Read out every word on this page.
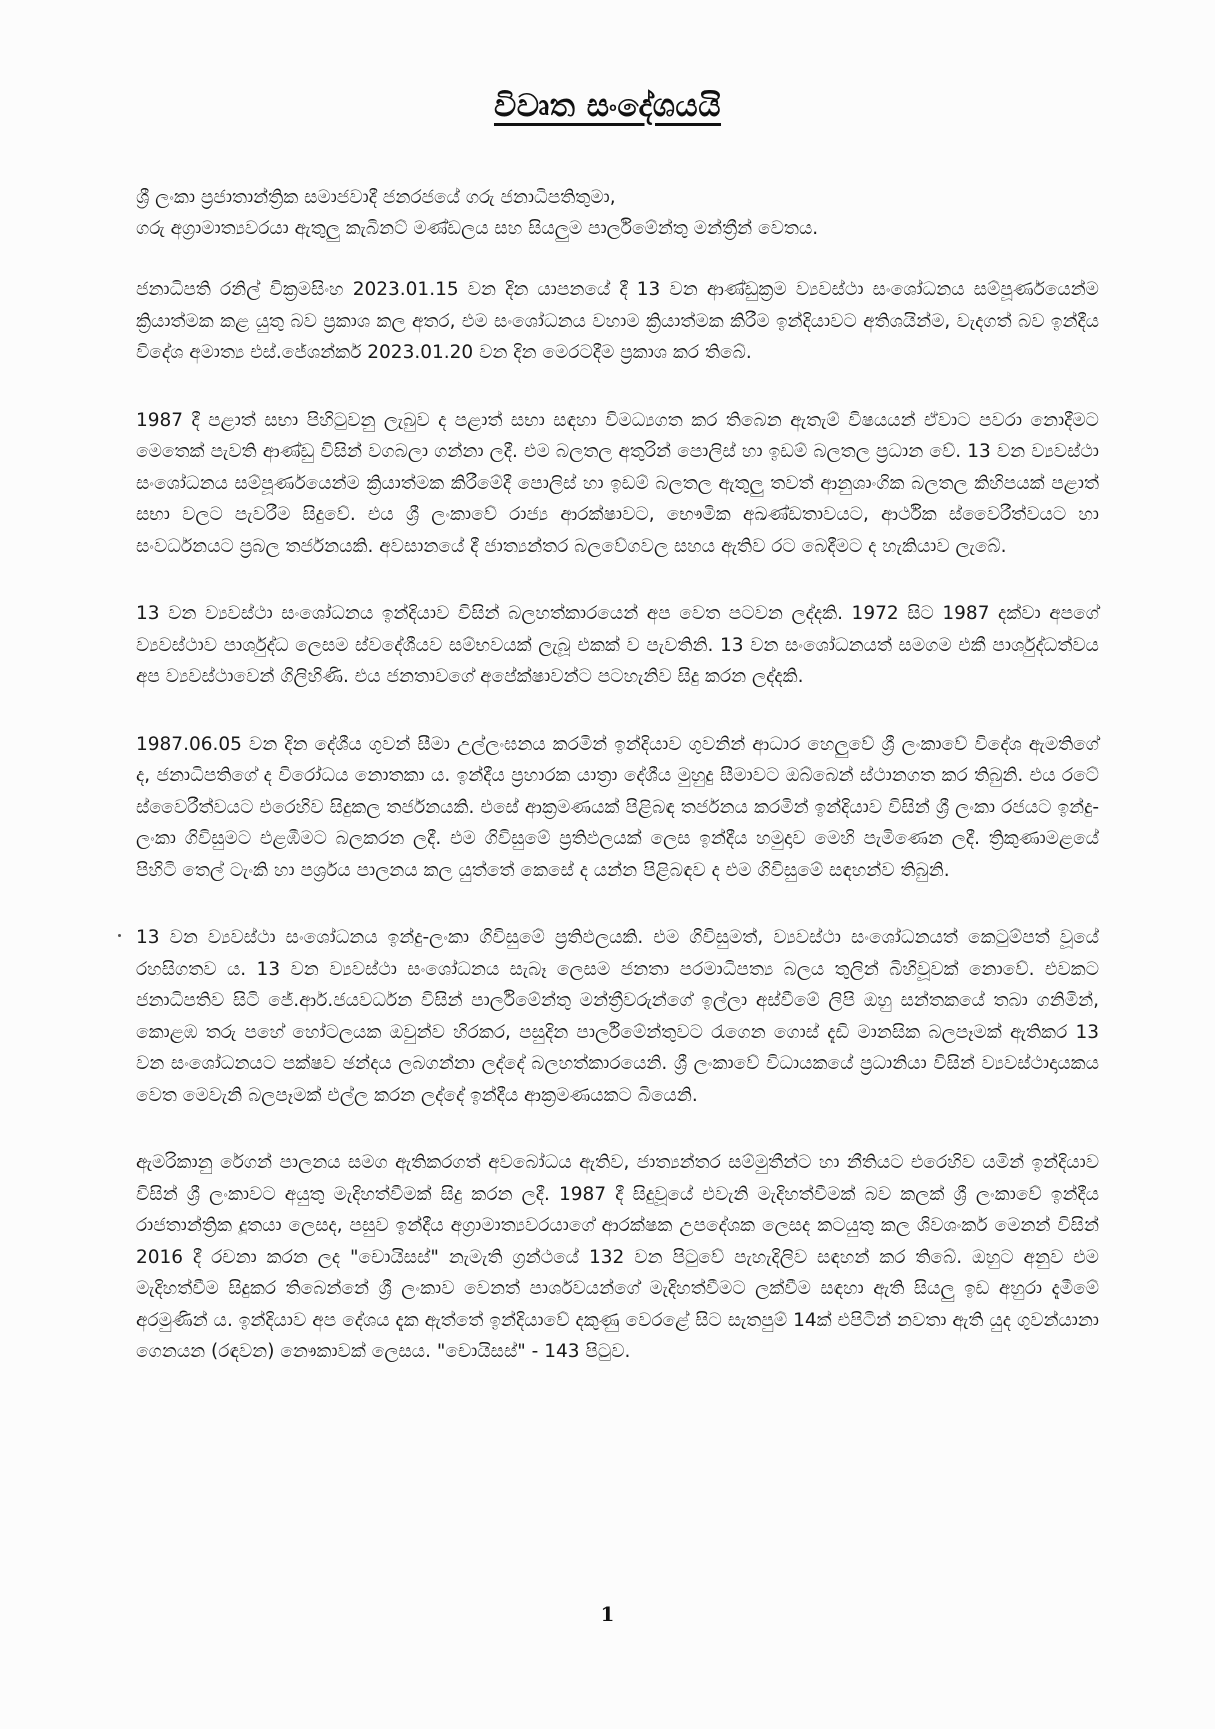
විවෘත සංදේශයයි

ශ්‍රී ලංකා ප්‍රජාතාන්ත්‍රික සමාජවාදී ජනරජයේ ගරු ජනාධිපතිතුමා,

ගරු අග්‍රාමාත්‍යවරයා ඇතුලු කැබිනට් මණ්ඩලය සහ සියලුම පාර්ලිමේන්තු මන්ත්‍රීන් වෙතය.

ජනාධිපති රනිල් වික්‍රමසිංහ 2023.01.15 වන දින යාපනයේ දී 13 වන ආණ්ඩුක්‍රම ව්‍යවස්ථා සංශෝධනය සම්පූර්ණයෙන්ම ක්‍රියාත්මක කළ යුතු බව ප්‍රකාශ කල අතර, එම සංශෝධනය වහාම ක්‍රියාත්මක කිරීම ඉන්දියාවට අතිශයින්ම, වැදගත් බව ඉන්දීය විදේශ අමාත්‍ය එස්.ජේශන්කර් 2023.01.20 වන දින මෙරටදීම ප්‍රකාශ කර තිබේ.

1987 දී පළාත් සභා පිහිටුවනු ලැබුව ද පළාත් සභා සඳහා විමධ්‍යගත කර තිබෙන ඇතැම් විෂයයන් ඒවාට පවරා නොදීමට මෙතෙක් පැවති ආණ්ඩු විසින් වගබලා ගන්නා ලදී. එම බලතල අතුරින් පොලිස් හා ඉඩම් බලතල ප්‍රධාන වේ. 13 වන ව්‍යවස්ථා සංශෝධනය සම්පූර්ණයෙන්ම ක්‍රියාත්මක කිරීමේදී පොලිස් හා ඉඩම් බලතල ඇතුලු තවත් ආනුශාංගික බලතල කිහිපයක් පළාත් සභා වලට පැවරීම සිදුවේ. එය ශ්‍රී ලංකාවේ රාජ්‍ය ආරක්ෂාවට, භෞමික අඛණ්ඩතාවයට, ආර්ථික ස්වෛරීත්වයට හා සංවර්ධනයට ප්‍රබල තර්ජනයකි. අවසානයේ දී ජාත්‍යන්තර බලවේගවල සහය ඇතිව රට බෙදීමට ද හැකියාව ලැබේ.

13 වන ව්‍යවස්ථා සංශෝධනය ඉන්දියාව විසින් බලහත්කාරයෙන් අප වෙත පටවන ලද්දකි. 1972 සිට 1987 දක්වා අපගේ ව්‍යවස්ථාව පාර්ශුද්ධ ලෙසම ස්වදේශීයව සම්භවයක් ලැබූ එකක් ව පැවතිනි. 13 වන සංශෝධනයත් සමගම එකී පාර්ශුද්ධත්වය අප ව්‍යවස්ථාවෙන් ගිලිහිණි. එය ජනතාවගේ අපේක්ෂාවන්ට පටහැනිව සිදු කරන ලද්දකි.

1987.06.05 වන දින දේශීය ගුවන් සීමා උල්ලංඝනය කරමින් ඉන්දියාව ගුවනින් ආධාර හෙලුවේ ශ්‍රී ලංකාවේ විදේශ ඇමතිගේ ද, ජනාධිපතිගේ ද විරෝධය නොතකා ය. ඉන්දීය ප්‍රහාරක යාත්‍රා දේශීය මුහුදු සීමාවට ඔබ්බෙන් ස්ථානගත කර තිබුනි. එය රටේ ස්වෛරීත්වයට එරෙහිව සිදුකල තර්ජනයකි. එසේ ආක්‍රමණයක් පිළිබඳ තර්ජනය කරමින් ඉන්දියාව විසින් ශ්‍රී ලංකා රජයට ඉන්දු-ලංකා ගිවිසුමට එළඹීමට බලකරන ලදී. එම ගිවිසුමේ ප්‍රතිඵලයක් ලෙස ඉන්දීය හමුදාව මෙහි පැමිණෙන ලදී. ත්‍රිකුණාමළයේ පිහිටි තෙල් ටැංකි හා පර්ශ්‍රය පාලනය කල යුත්තේ කෙසේ ද යන්න පිළිබඳව ද එම ගිවිසුමේ සඳහන්ව තිබුනි.

13 වන ව්‍යවස්ථා සංශෝධනය ඉන්දු-ලංකා ගිවිසුමේ ප්‍රතිඵලයකි. එම ගිවිසුමත්, ව්‍යවස්ථා සංශෝධනයත් කෙටුම්පත් වූයේ රහසිගතව ය. 13 වන ව්‍යවස්ථා සංශෝධනය සැබෑ ලෙසම ජනතා පරමාධිපත්‍ය බලය තුලින් බිහිවූවක් නොවේ. එවකට ජනාධිපතිව සිටි ජේ.ආර්.ජයවර්ධන විසින් පාර්ලිමේන්තු මන්ත්‍රීවරුන්ගේ ඉල්ලා අස්වීමේ ලිපි ඔහු සන්තකයේ තබා ගනිමින්, කොළඹ තරු පහේ හෝටලයක ඔවුන්ව හිරකර, පසුදින පාර්ලිමේන්තුවට රැගෙන ගොස් දැඩි මානසික බලපෑමක් ඇතිකර 13 වන සංශෝධනයට පක්ෂව ඡන්දය ලබගන්නා ලද්දේ බලහත්කාරයෙනි. ශ්‍රී ලංකාවේ විධායකයේ ප්‍රධානියා විසින් ව්‍යවස්ථාදායකය වෙත මෙවැනි බලපෑමක් එල්ල කරන ලද්දේ ඉන්දීය ආක්‍රමණයකට බියෙනි.

ඇමරිකානු රේගන් පාලනය සමග ඇතිකරගත් අවබෝධය ඇතිව, ජාත්‍යන්තර සම්මුතීන්ට හා නීතියට එරෙහිව යමින් ඉන්දියාව විසින් ශ්‍රී ලංකාවට අයුතු මැදිහත්වීමක් සිදු කරන ලදී. 1987 දී සිදුවූයේ එවැනි මැදිහත්වීමක් බව කලක් ශ්‍රී ලංකාවේ ඉන්දීය රාජතාන්ත්‍රික දූතයා ලෙසද, පසුව ඉන්දීය අග්‍රාමාත්‍යවරයාගේ ආරක්ෂක උපදේශක ලෙසද කටයුතු කල ශිවශංකර් මෙනන් විසින් 2016 දී රචනා කරන ලද "චොයිසස්" නැමැති ග්‍රන්ථයේ 132 වන පිටුවේ පැහැදිලිව සඳහන් කර තිබේ. ඔහුට අනුව එම මැදිහත්වීම සිදුකර තිබෙන්නේ ශ්‍රී ලංකාව වෙනත් පාර්ශවයන්ගේ මැදිහත්වීමට ලක්වීම සඳහා ඇති සියලු ඉඩ අහුරා දැමීමේ අරමුණින් ය. ඉන්දියාව අප දේශය දැක ඇත්තේ ඉන්දියාවේ දකුණු වෙරළේ සිට සැතපුම් 14ක් එපිටින් නවතා ඇති යුද ගුවන්යානා ගෙනයන (රඳවන) නෞකාවක් ලෙසය. "චොයිසස්" - 143 පිටුව.

1
